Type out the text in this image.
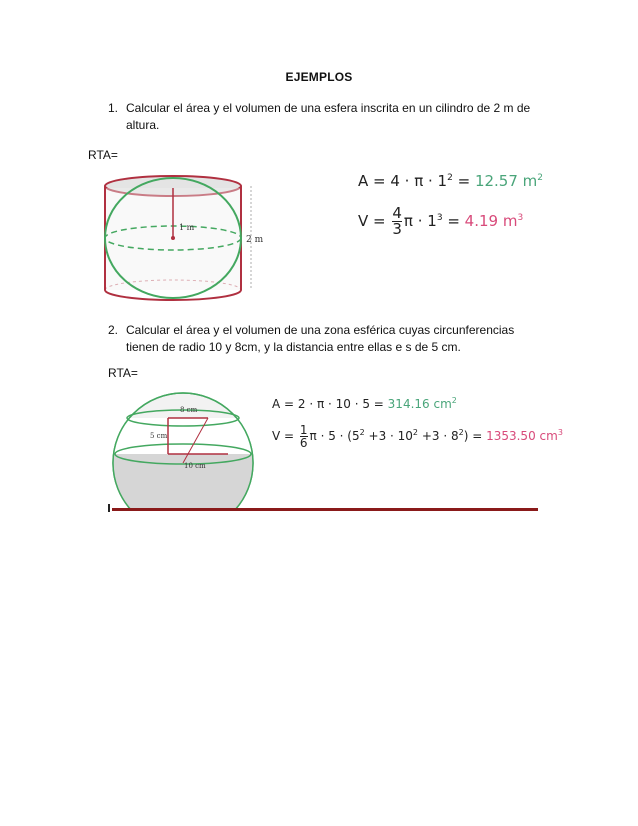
EJEMPLOS
1. Calcular el área y el volumen de una esfera inscrita en un cilindro de 2 m de
altura.
RTA=
1 m
2 m
$A = 4 \cdot \pi \cdot 1^2 = 12.57$ $m^2$
$V = \frac{4}{3}$ $\pi \cdot 1^3 = 4.19$ $m^3$
2. Calcular el área y el volumen de una zona esférica cuyas circunferencias
tienen de radio 10 y 8cm, y la distancia entre ellas e s de 5 cm.
RTA=
8 cm
5 cm
10 cm
A = 2 · π · 10 · 5 = 314.16 $cm^2$
$V = \frac{1}{6}$ $\pi \cdot 5 \cdot (5^2 +3 \cdot 10^2 +3 \cdot 8^2) = 1353.50$ $cm^3$
